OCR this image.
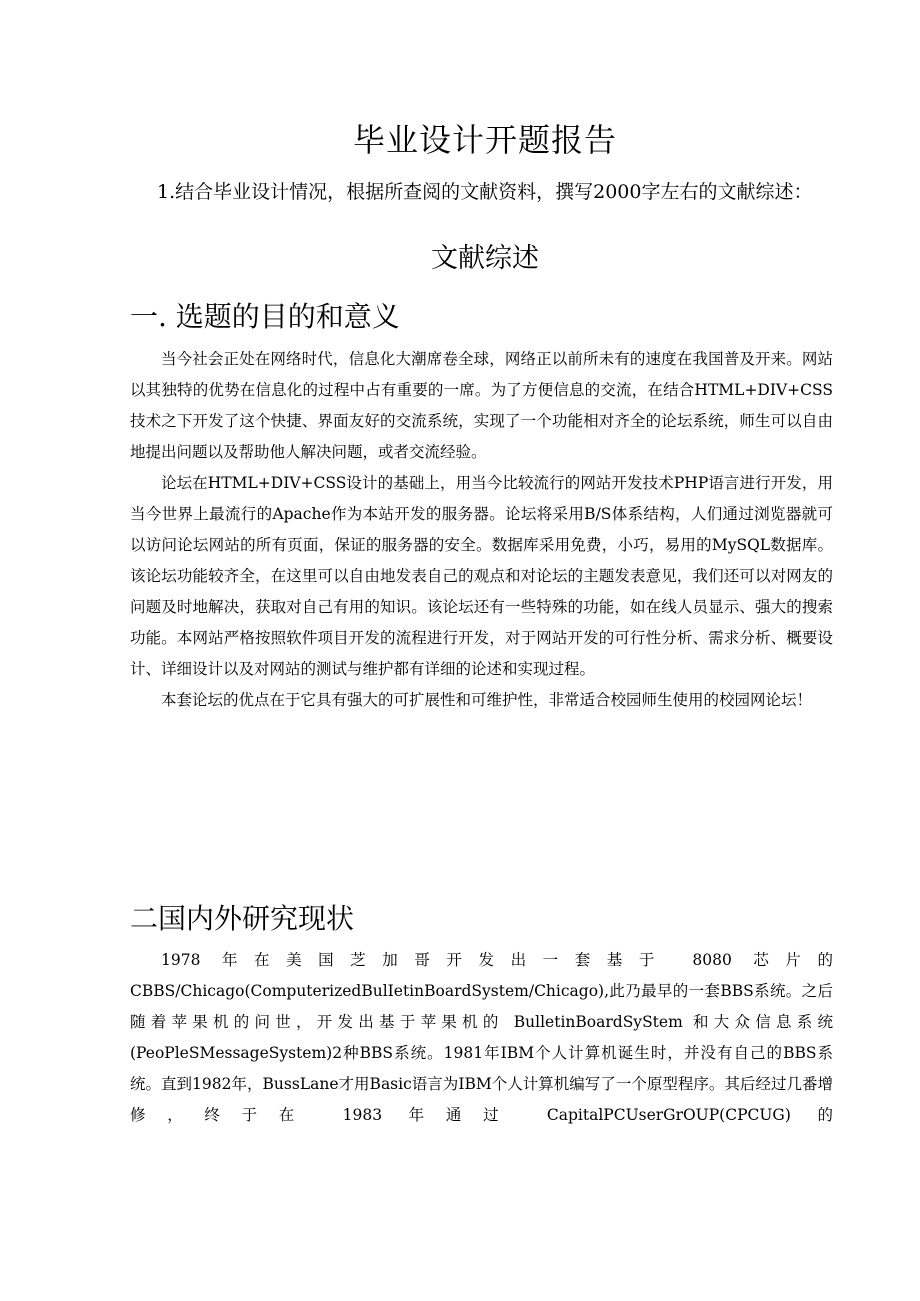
毕业设计开题报告
1.结合毕业设计情况，根据所查阅的文献资料，撰写2000字左右的文献综述：
文献综述
一. 选题的目的和意义

当今社会正处在网络时代，信息化大潮席卷全球，网络正以前所未有的速度在我国普及开来。网站以其独特的优势在信息化的过程中占有重要的一席。为了方便信息的交流，在结合HTML+DIV+CSS技术之下开发了这个快捷、界面友好的交流系统，实现了一个功能相对齐全的论坛系统，师生可以自由地提出问题以及帮助他人解决问题，或者交流经验。

论坛在HTML+DIV+CSS设计的基础上，用当今比较流行的网站开发技术PHP语言进行开发，用当今世界上最流行的Apache作为本站开发的服务器。论坛将采用B/S体系结构，人们通过浏览器就可以访问论坛网站的所有页面，保证的服务器的安全。数据库采用免费，小巧，易用的MySQL数据库。该论坛功能较齐全，在这里可以自由地发表自己的观点和对论坛的主题发表意见，我们还可以对网友的问题及时地解决，获取对自己有用的知识。该论坛还有一些特殊的功能，如在线人员显示、强大的搜索功能。本网站严格按照软件项目开发的流程进行开发，对于网站开发的可行性分析、需求分析、概要设计、详细设计以及对网站的测试与维护都有详细的论述和实现过程。

本套论坛的优点在于它具有强大的可扩展性和可维护性，非常适合校园师生使用的校园网论坛！

二国内外研究现状

1978 年在美国芝加哥开发出一套基于 8080 芯片的CBBS/Chicago(ComputerizedBulIetinBoardSystem/Chicago),此乃最早的一套BBS系统。之后随着苹果机的问世，开发出基于苹果机的 BulletinBoardSyStem 和大众信息系统(PeoPleSMessageSystem)2种BBS系统。1981年IBM个人计算机诞生时，并没有自己的BBS系统。直到1982年，BussLane才用Basic语言为IBM个人计算机编写了一个原型程序。其后经过几番增修，终于在 1983 年通过 CapitalPCUserGrOUP(CPCUG) 的
